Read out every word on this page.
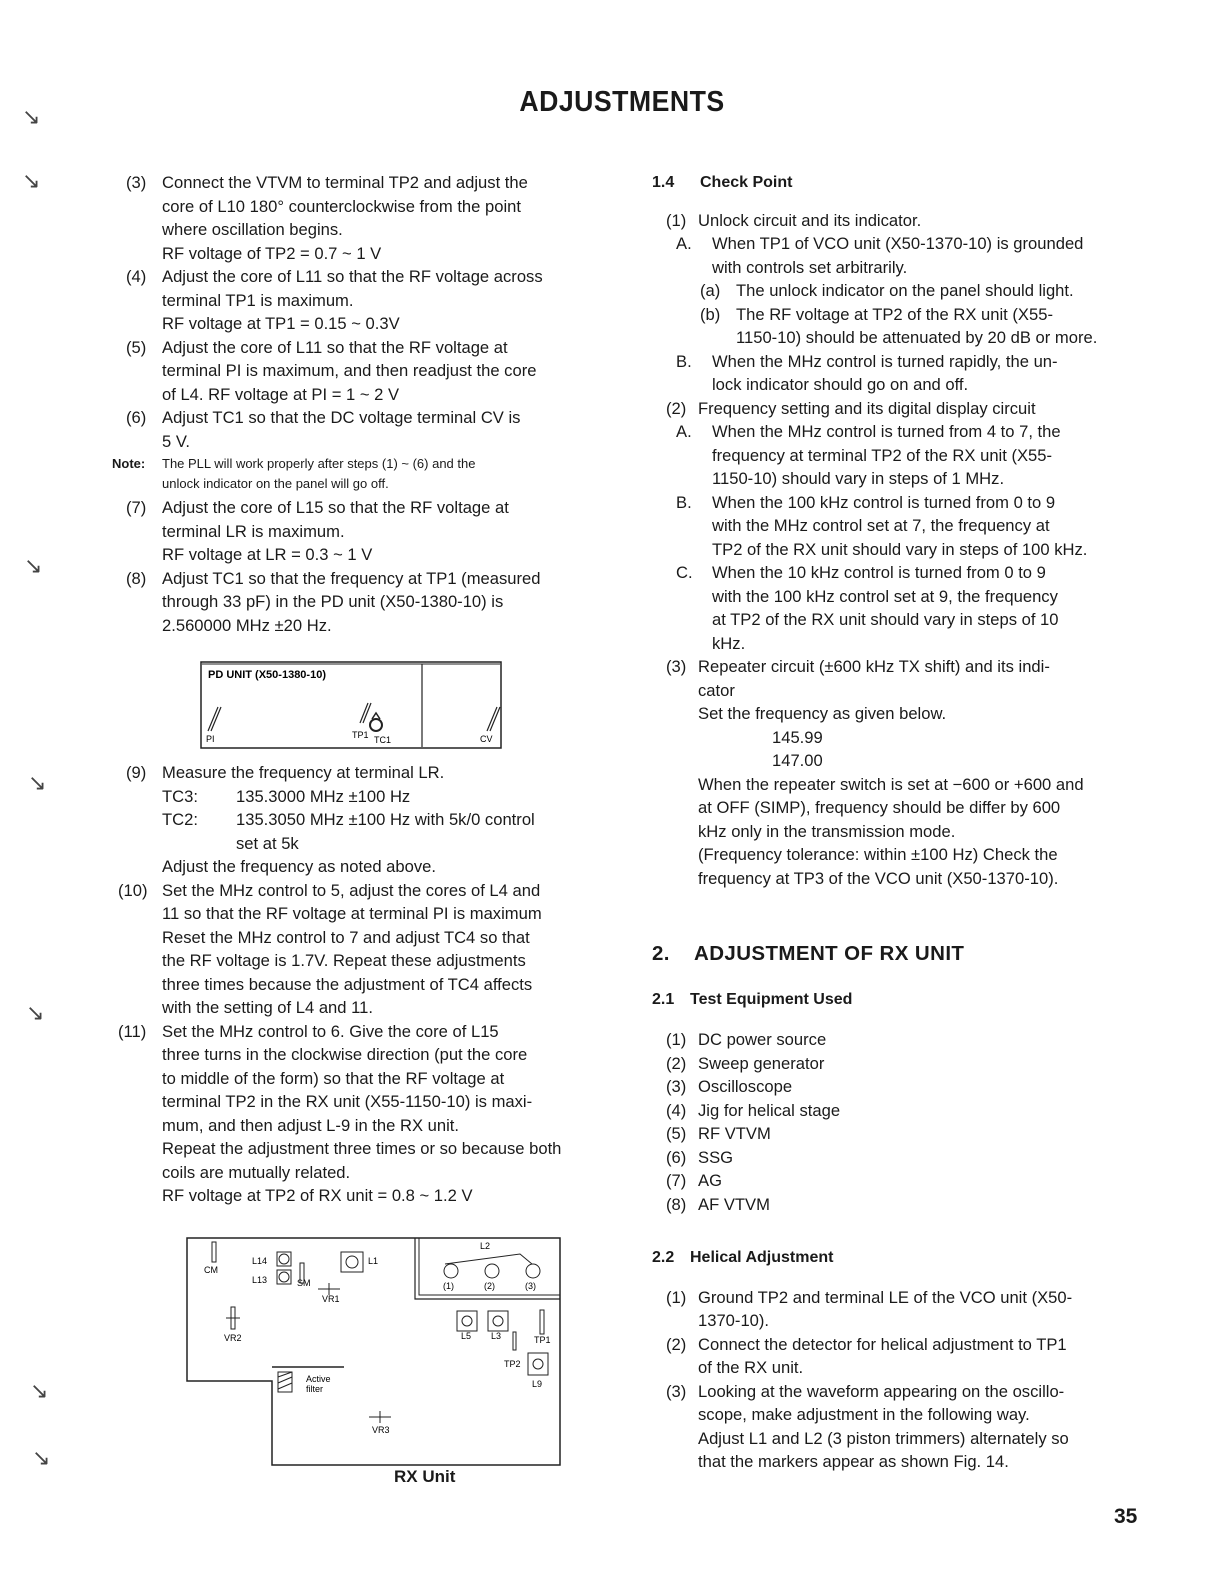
ADJUSTMENTS
↘
↘
↘
↘
↘
↘
↘
(3) Connect the VTVM to terminal TP2 and adjust the
core of L10 180° counterclockwise from the point
where oscillation begins.
RF voltage of TP2 = 0.7 ~ 1 V
(4) Adjust the core of L11 so that the RF voltage across
terminal TP1 is maximum.
RF voltage at TP1 = 0.15 ~ 0.3V
(5) Adjust the core of L11 so that the RF voltage at
terminal PI is maximum, and then readjust the core
of L4. RF voltage at PI = 1 ~ 2 V
(6) Adjust TC1 so that the DC voltage terminal CV is
5 V.
Note: The PLL will work properly after steps (1) ~ (6) and the
unlock indicator on the panel will go off.
(7) Adjust the core of L15 so that the RF voltage at
terminal LR is maximum.
RF voltage at LR = 0.3 ~ 1 V
(8) Adjust TC1 so that the frequency at TP1 (measured
through 33 pF) in the PD unit (X50-1380-10) is
2.560000 MHz ±20 Hz.
PD UNIT (X50-1380-10)
PI	TP1 TC1	CV
(9) Measure the frequency at terminal LR.
TC3:	135.3000 MHz ±100 Hz
TC2:	135.3050 MHz ±100 Hz with 5k/0 control
set at 5k
Adjust the frequency as noted above.
(10) Set the MHz control to 5, adjust the cores of L4 and
11 so that the RF voltage at terminal PI is maximum
Reset the MHz control to 7 and adjust TC4 so that
the RF voltage is 1.7V. Repeat these adjustments
three times because the adjustment of TC4 affects
with the setting of L4 and 11.
(11) Set the MHz control to 6. Give the core of L15
three turns in the clockwise direction (put the core
to middle of the form) so that the RF voltage at
terminal TP2 in the RX unit (X55-1150-10) is maxi-
mum, and then adjust L-9 in the RX unit.
Repeat the adjustment three times or so because both
coils are mutually related.
RF voltage at TP2 of RX unit = 0.8 ~ 1.2 V
CM
L14
L13	SM
VR1
L1
VR2
L2
(1)	(2)	(3)
L5 L3	TP1
TP2
L9
Active
filter
VR3
RX Unit
1.4 Check Point
(1) Unlock circuit and its indicator.
A. When TP1 of VCO unit (X50-1370-10) is grounded
with controls set arbitrarily.
(a) The unlock indicator on the panel should light.
(b) The RF voltage at TP2 of the RX unit (X55-
1150-10) should be attenuated by 20 dB or more.
B. When the MHz control is turned rapidly, the un-
lock indicator should go on and off.
(2) Frequency setting and its digital display circuit
A. When the MHz control is turned from 4 to 7, the
frequency at terminal TP2 of the RX unit (X55-
1150-10) should vary in steps of 1 MHz.
B. When the 100 kHz control is turned from 0 to 9
with the MHz control set at 7, the frequency at
TP2 of the RX unit should vary in steps of 100 kHz.
C. When the 10 kHz control is turned from 0 to 9
with the 100 kHz control set at 9, the frequency
at TP2 of the RX unit should vary in steps of 10
kHz.
(3) Repeater circuit (±600 kHz TX shift) and its indi-
cator
Set the frequency as given below.
145.99
147.00
When the repeater switch is set at −600 or +600 and
at OFF (SIMP), frequency should be differ by 600
kHz only in the transmission mode.
(Frequency tolerance: within ±100 Hz) Check the
frequency at TP3 of the VCO unit (X50-1370-10).
2. ADJUSTMENT OF RX UNIT
2.1 Test Equipment Used
(1) DC power source
(2) Sweep generator
(3) Oscilloscope
(4) Jig for helical stage
(5) RF VTVM
(6) SSG
(7) AG
(8) AF VTVM
2.2 Helical Adjustment
(1) Ground TP2 and terminal LE of the VCO unit (X50-
1370-10).
(2) Connect the detector for helical adjustment to TP1
of the RX unit.
(3) Looking at the waveform appearing on the oscillo-
scope, make adjustment in the following way.
Adjust L1 and L2 (3 piston trimmers) alternately so
that the markers appear as shown Fig. 14.
35
